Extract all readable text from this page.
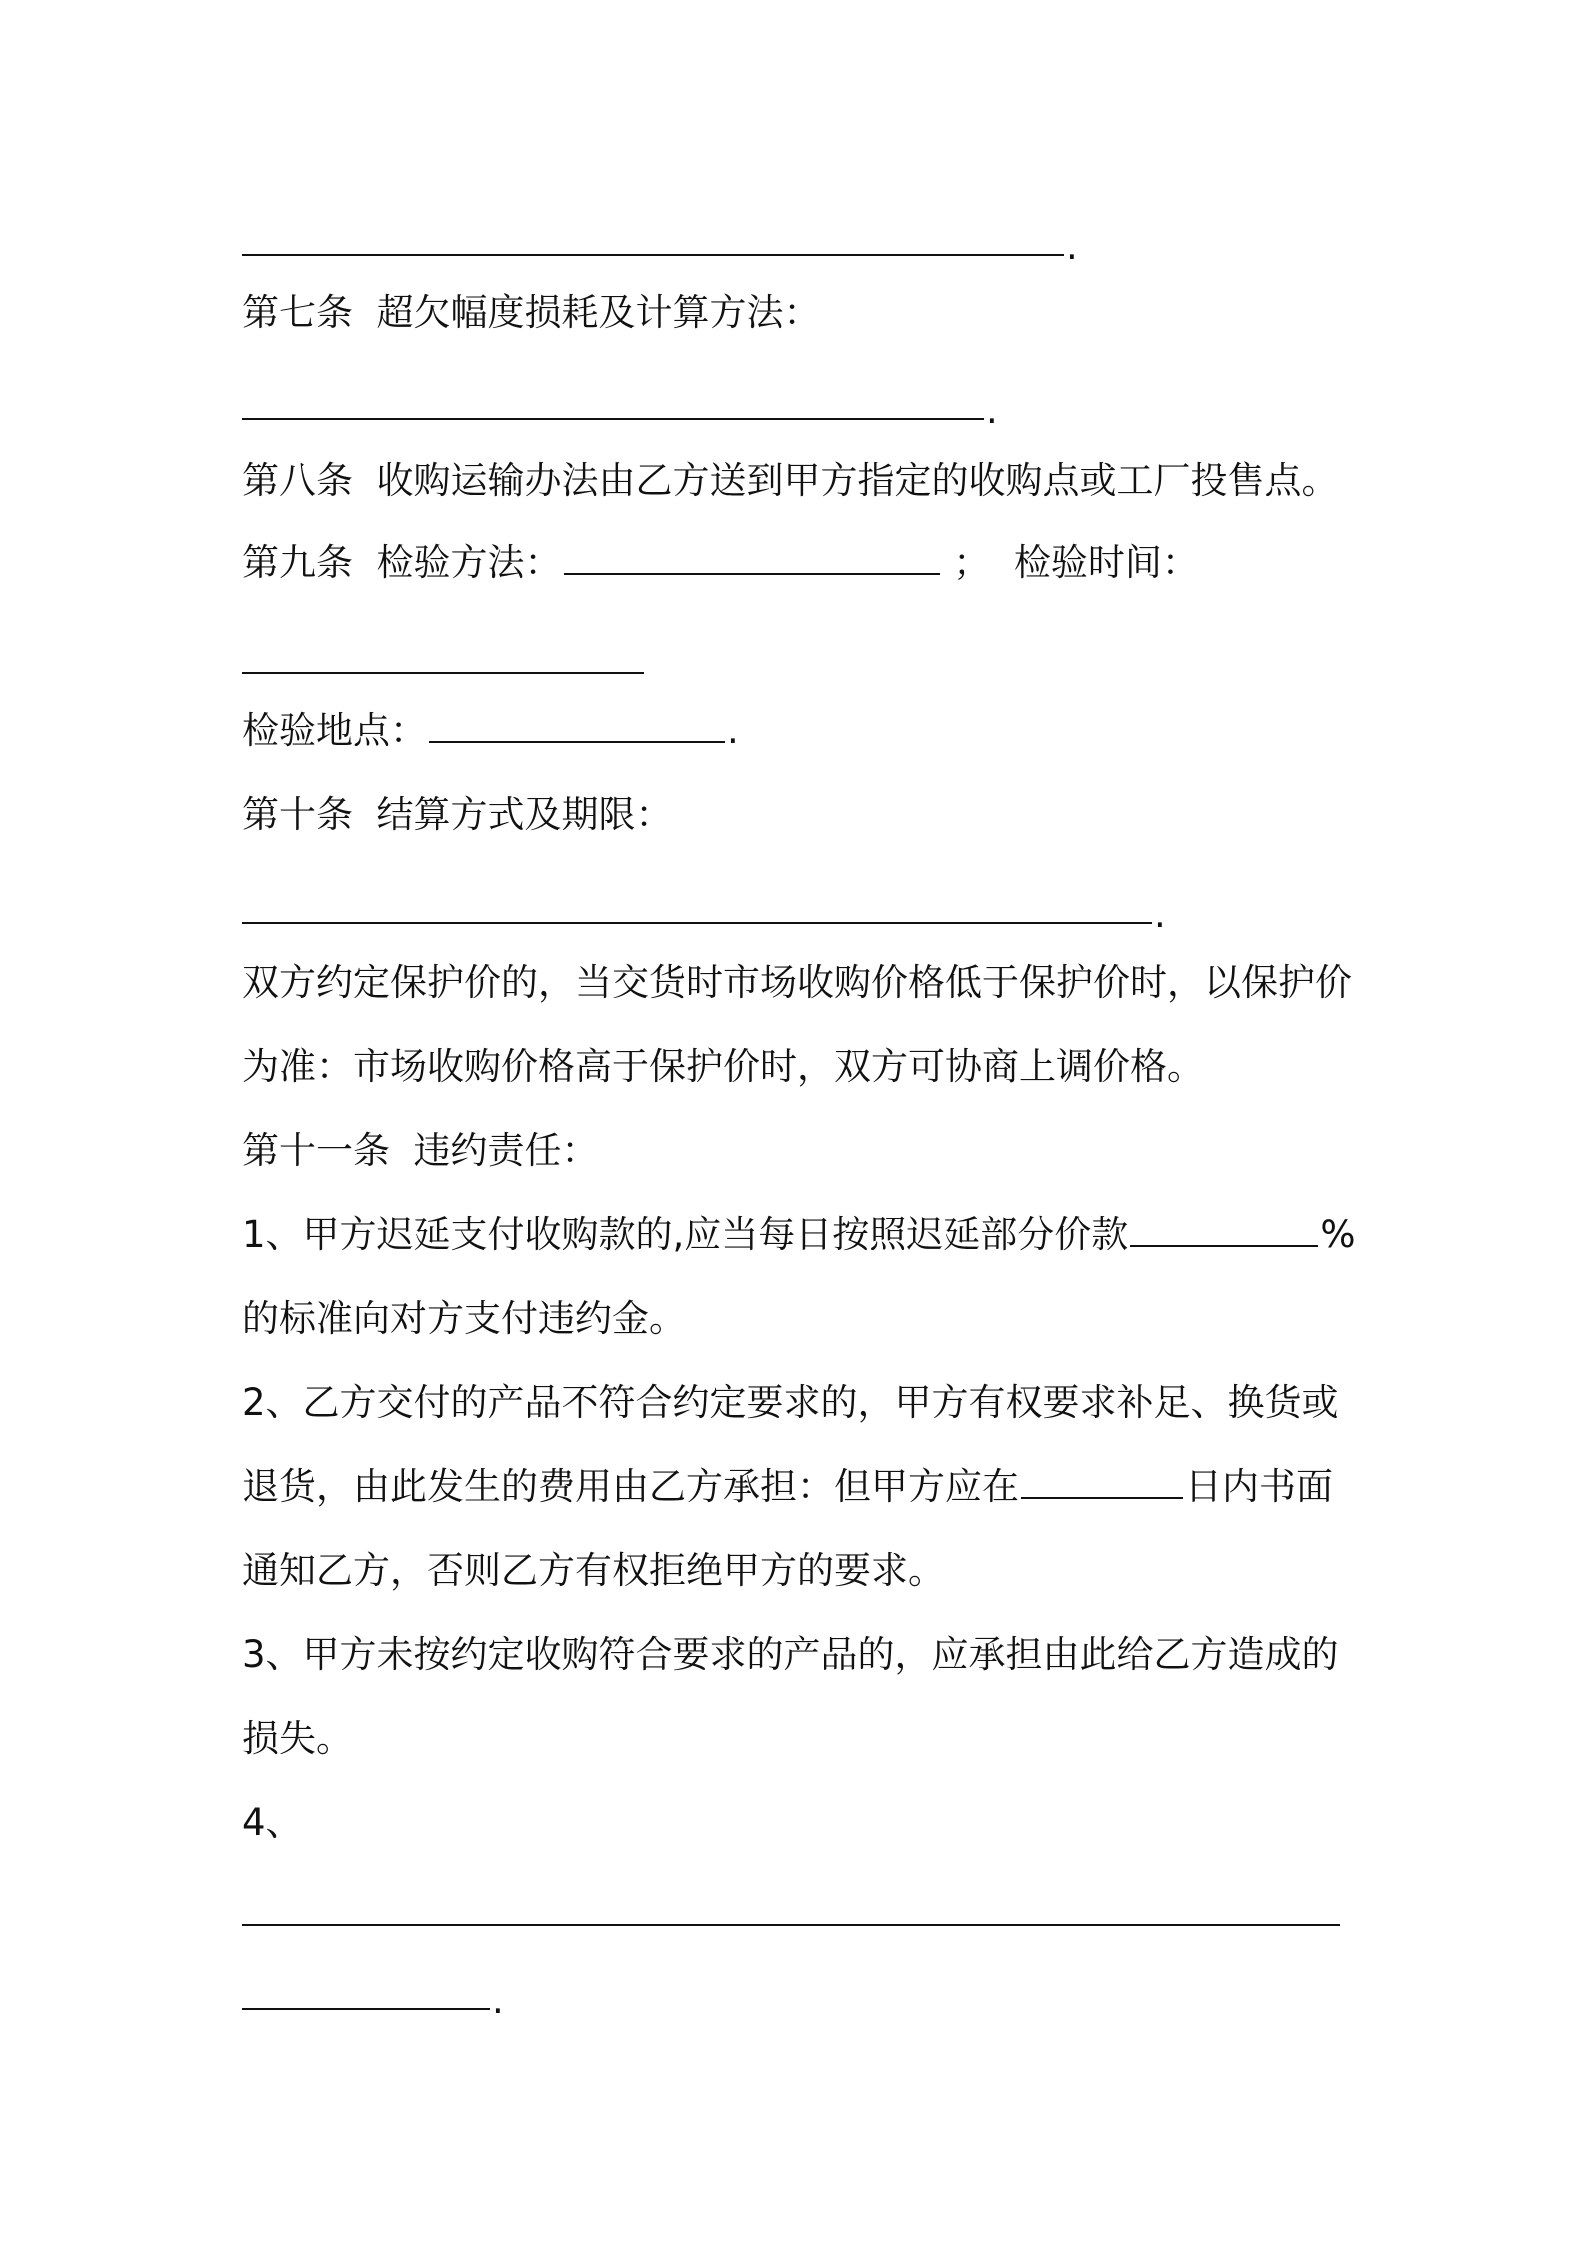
.
第七条 超欠幅度损耗及计算方法：
.
第八条 收购运输办法由乙方送到甲方指定的收购点或工厂投售点。
第九条 检验方法：	； 检验时间：
检验地点：	.
第十条 结算方式及期限：
.
双方约定保护价的，当交货时市场收购价格低于保护价时，以保护价
为准：市场收购价格高于保护价时，双方可协商上调价格。
第十一条 违约责任：
1、甲方迟延支付收购款的,应当每日按照迟延部分价款	%
的标准向对方支付违约金。
2、乙方交付的产品不符合约定要求的，甲方有权要求补足、换货或
退货，由此发生的费用由乙方承担：但甲方应在	日内书面
通知乙方，否则乙方有权拒绝甲方的要求。
3、甲方未按约定收购符合要求的产品的，应承担由此给乙方造成的
损失。
4、
.
